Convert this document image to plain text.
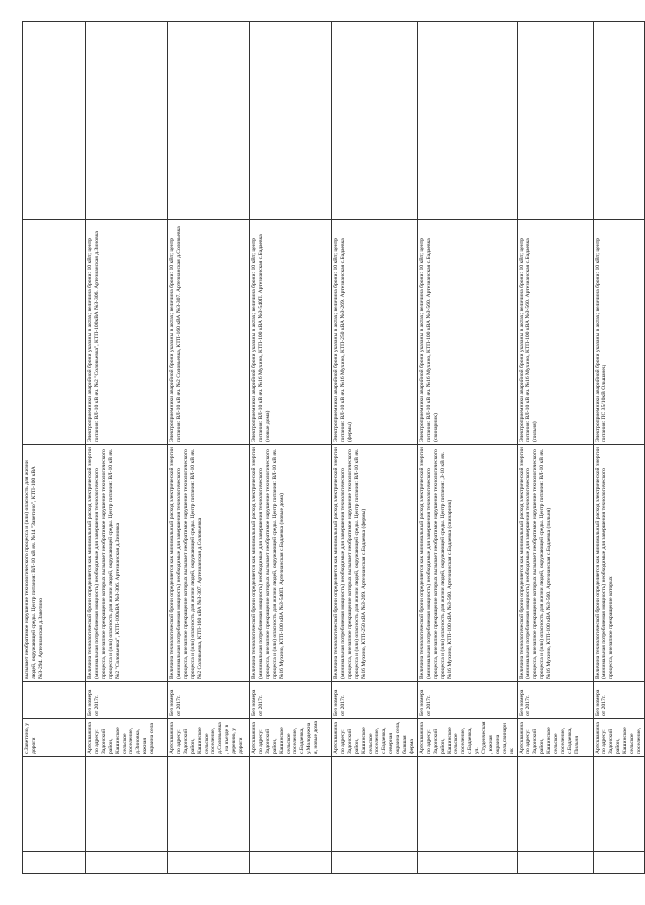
		с.Заветино, у дороги		вызывает необратимое нарушение технологического процесса и (или) опасность для жизни людей, окружающей среды. Центр питания: ВЛ-10 кВ яч. №14 "Заветино", КТП-100 кВА №З-294. Артезианская д.Заветино		
		Артскважина по адресу: Задонский район, Кашинское сельское поселение, д.Зиновка, южная окраина села	Без номера от 2017г.	Величина технологической брони определяется как минимальный расход электрической энергии (минимальная потребляемая мощность) необходимые для завершения технологического процесса, внезапное прекращение которых вызывает необратимое нарушение технологического процесса и (или) опасность для жизни людей, окружающей среды. Центр питания: ВЛ-10 кВ яч. №2 "Соловьевка", КТП-100кВА №З-306. Артезианская д.Зиновка	Электроприемники аварийной брони указаны в актах; величина брони: 10 кВт; центр питания: ВЛ-10 кВ яч. №2 "Соловьевка", КТП-100кВА №З-306. Артезианская д.Зиновка	
		Артскважина по адресу: Задонский район, Кашинское сельское поселение, д.Соловьевка, на въезде в деревню, у дороги	Без номера от 2017г.	Величина технологической брони определяется как минимальный расход электрической энергии (минимальная потребляемая мощность) необходимые для завершения технологического процесса, внезапное прекращение которых вызывает необратимое нарушение технологического процесса и (или) опасность для жизни людей, окружающей среды. Центр питания: ВЛ-10 кВ яч. №2 Соловьевка, КТП-160 кВА №З-307. Артезианская д.Соловьевка	Электроприемники аварийной брони указаны в актах; величина брони: 10 кВт; центр питания: ВЛ-10 кВ яч. №2 Соловьевка, КТП-160 кВА №З-307. Артезианская д.Соловьевка	
		Артскважина по адресу: Задонский район, Кашинское сельское поселение, с.Бадаевка, у.Молодежная, новые дома	Без номера от 2017г.	Величина технологической брони определяется как минимальный расход электрической энергии (минимальная потребляемая мощность) необходимые для завершения технологического процесса, внезапное прекращение которых вызывает необратимое нарушение технологического процесса и (или) опасность для жизни людей, окружающей среды. Центр питания: ВЛ-10 кВ яч. №16 Мухино, КТП-100 кВА №З-540П. Артезианская с.Бадаевка (новые дома)	Электроприемники аварийной брони указаны в актах; величина брони: 10 кВт; центр питания: ВЛ-10 кВ яч. №16 Мухино, КТП-100 кВА №З-540П. Артезианская с.Бадаевка (новые дома)	
		Артскважина по адресу: Задонский район, Кашинское сельское поселение, с.Бадаевка, северная окраина села, бывшая ферма	Без номера от 2017г.	Величина технологической брони определяется как минимальный расход электрической энергии (минимальная потребляемая мощность) необходимые для завершения технологического процесса, внезапное прекращение которых вызывает необратимое нарушение технологического процесса и (или) опасность для жизни людей, окружающей среды. Центр питания: ВЛ-10 кВ яч. №16 Мухино, КТП-250 кВА №З-269. Артезианская с.Бадаевка (фермы)	Электроприемники аварийной брони указаны в актах; величина брони: 10 кВт; центр питания: ВЛ-10 кВ яч. №16 Мухино, КТП-250 кВА №З-269. Артезианская с.Бадаевка (фермы)	
		Артскважина по адресу: Задонский район, Кашинское сельское поселение, с.Бадаевка, ул. Студенческая, южная окраина села,свинарник	Без номера от 2017г.	Величина технологической брони определяется как минимальный расход электрической энергии (минимальная потребляемая мощность) необходимые для завершения технологического процесса, внезапное прекращение которых вызывает необратимое нарушение технологического процесса и (или) опасность для жизни людей, окружающей среды. Центр питания: ,З-10 кВ яч. №16 Мухино, КТП-100 кВА №З-560. Артезианская с.Бадаевка (свинарник)	Электроприемники аварийной брони указаны в актах; величина брони: 10 кВт; центр питания: ВЛ-10 кВ яч. №16 Мухино, КТП-100 кВА №З-560. Артезианская с.Бадаевка (свинарник)	
		Артскважина по адресу: Задонский район, Кашинское сельское поселение, с.Бадаевка, Пильня	Без номера от 2017г.	Величина технологической брони определяется как минимальный расход электрической энергии (минимальная потребляемая мощность) необходимые для завершения технологического процесса, внезапное прекращение которых вызывает необратимое нарушение технологического процесса и (или) опасность для жизни людей, окружающей среды. Центр питания: ВЛ-10 кВ яч. №16 Мухино, КТП-100 кВА №З-560. Артезианская с.Бадаевка (пильня)	Электроприемники аварийной брони указаны в актах; величина брони: 10 кВт; центр питания: ВЛ-10 кВ яч. №16 Мухино, КТП-100 кВА №З-560. Артезианская с.Бадаевка (пильня)	
		Артскважина по адресу: Задонский район, Кашинское сельское поселение,	Без номера от 2017г.	Величина технологической брони определяется как минимальный расход электрической энергии (минимальная потребляемая мощность) необходимые для завершения технологического процесса, внезапное прекращение которых	Электроприемники аварийной брони указаны в актах; величина брони: 10 кВт; центр питания: ПС 35/10кВ Ольшанец	
